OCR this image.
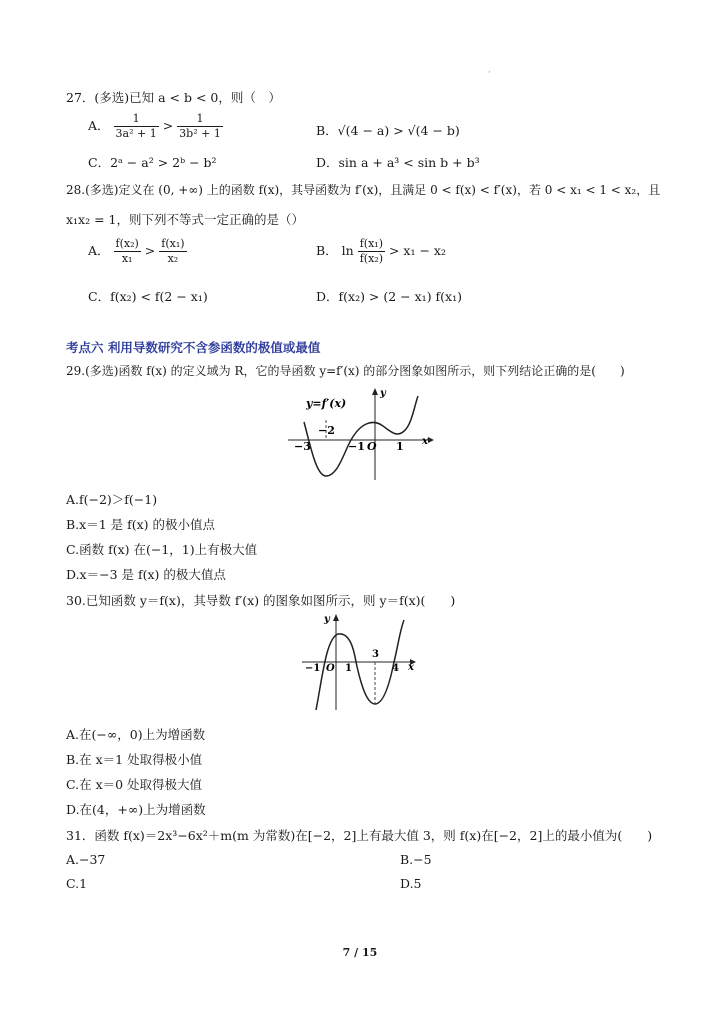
·
27．(多选)已知 a < b < 0，则（　）
A． $\frac{1}{\text{3a² + 1}} > \frac{1}{\text{3b² + 1}}$	B．√(4 − a) > √(4 − b)
C．2ᵃ − a² > 2ᵇ − b²	D．sin a + a³ < sin b + b³
28.(多选)定义在 (0, +∞) 上的函数 f(x)，其导函数为 f′(x)，且满足 0 < f(x) < f′(x)，若 0 < x₁ < 1 < x₂，且
x₁x₂ = 1，则下列不等式一定正确的是（）
A． $\frac{\text{f(x₂)}}{\text{x₁}} > \frac{\text{f(x₁)}}{\text{x₂}}$	B． $\ln \frac{\text{f(x₁)}}{\text{f(x₂)}} > x_1 - x_2$
C．f(x₂) < f(2 − x₁)	D．f(x₂) > (2 − x₁) f(x₁)
考点六 利用导数研究不含参函数的极值或最值
29.(多选)函数 f(x) 的定义域为 R，它的导函数 y=f′(x) 的部分图象如图所示，则下列结论正确的是(　　)
y=f′(x)
y
x
−3
−2
−1 O 1
A.f(−2)＞f(−1)
B.x＝1 是 f(x) 的极小值点
C.函数 f(x) 在(−1，1)上有极大值
D.x＝−3 是 f(x) 的极大值点
30.已知函数 y＝f(x)，其导数 f′(x) 的图象如图所示，则 y＝f(x)(　　)
y
x
−1 O 1
3
4
A.在(−∞，0)上为增函数
B.在 x＝1 处取得极小值
C.在 x＝0 处取得极大值
D.在(4，+∞)上为增函数
31．函数 f(x)＝2x³−6x²＋m(m 为常数)在[−2，2]上有最大值 3，则 f(x)在[−2，2]上的最小值为(　　)
A.−37	B.−5
C.1	D.5
7 / 15
